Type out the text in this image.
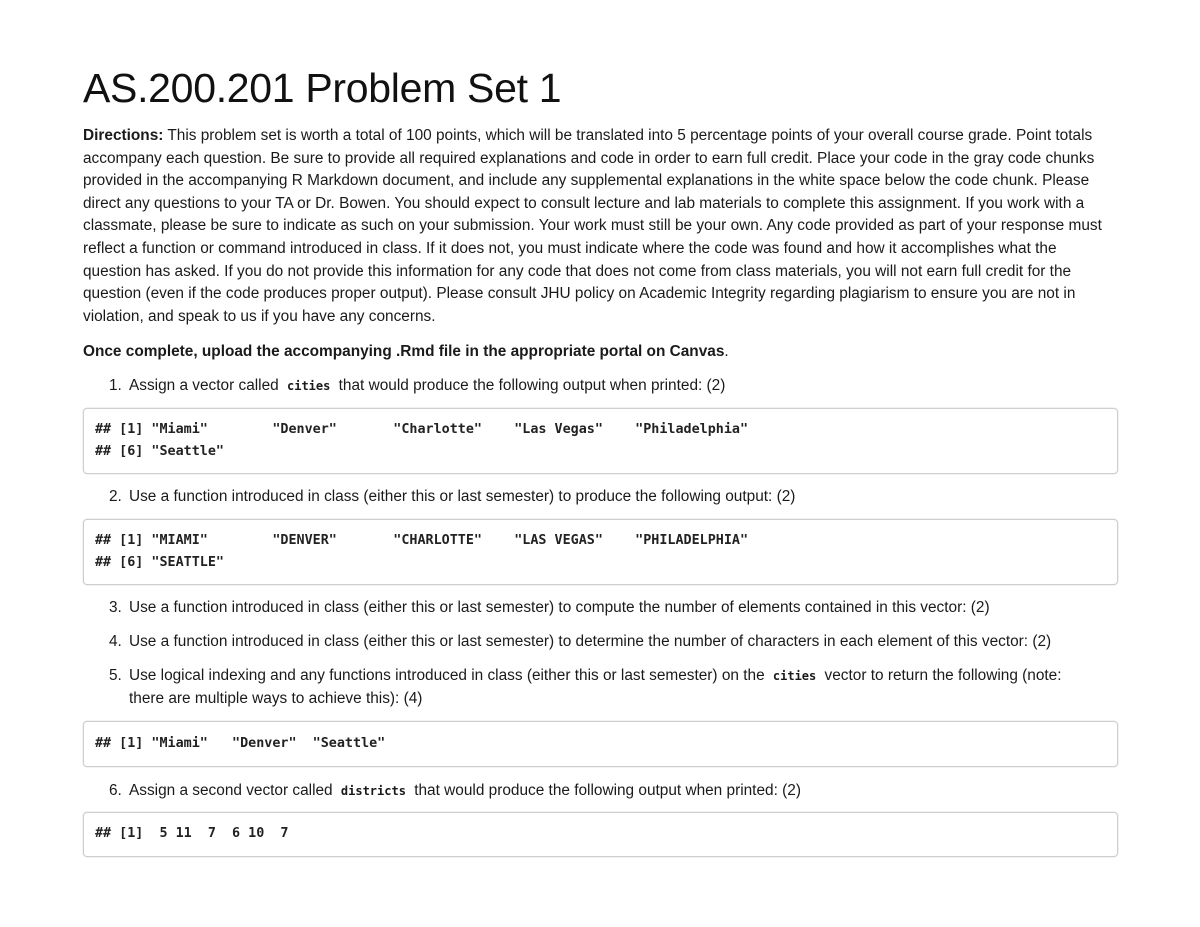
AS.200.201 Problem Set 1

Directions: This problem set is worth a total of 100 points, which will be translated into 5 percentage points of your overall course grade. Point totals accompany each question. Be sure to provide all required explanations and code in order to earn full credit. Place your code in the gray code chunks provided in the accompanying R Markdown document, and include any supplemental explanations in the white space below the code chunk. Please direct any questions to your TA or Dr. Bowen. You should expect to consult lecture and lab materials to complete this assignment. If you work with a classmate, please be sure to indicate as such on your submission. Your work must still be your own. Any code provided as part of your response must reflect a function or command introduced in class. If it does not, you must indicate where the code was found and how it accomplishes what the question has asked. If you do not provide this information for any code that does not come from class materials, you will not earn full credit for the question (even if the code produces proper output). Please consult JHU policy on Academic Integrity regarding plagiarism to ensure you are not in violation, and speak to us if you have any concerns.

Once complete, upload the accompanying .Rmd file in the appropriate portal on Canvas.

1. Assign a vector called cities that would produce the following output when printed: (2)

## [1] "Miami"        "Denver"       "Charlotte"    "Las Vegas"    "Philadelphia"
## [6] "Seattle"

2. Use a function introduced in class (either this or last semester) to produce the following output: (2)

## [1] "MIAMI"        "DENVER"       "CHARLOTTE"    "LAS VEGAS"    "PHILADELPHIA"
## [6] "SEATTLE"

3. Use a function introduced in class (either this or last semester) to compute the number of elements contained in this vector: (2)

4. Use a function introduced in class (either this or last semester) to determine the number of characters in each element of this vector: (2)

5. Use logical indexing and any functions introduced in class (either this or last semester) on the cities vector to return the following (note:
there are multiple ways to achieve this): (4)

## [1] "Miami"   "Denver"  "Seattle"

6. Assign a second vector called districts that would produce the following output when printed: (2)

## [1]  5 11  7  6 10  7
